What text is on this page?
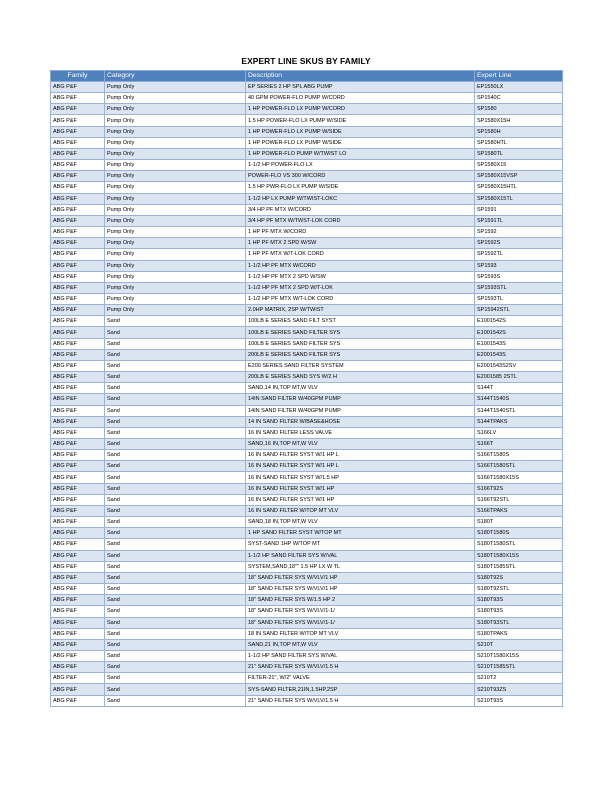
EXPERT LINE SKUS BY FAMILY
Family	Category	Description	Expert Line
ABG P&F	Pump Only	EP SERIES 2 HP SPL ABG PUMP	EP1550LX
ABG P&F	Pump Only	40 GPM POWER-FLO PUMP W/CORD	SP1540C
ABG P&F	Pump Only	1 HP POWER-FLO LX PUMP W/CORD	SP1580
ABG P&F	Pump Only	1.5 HP POWER-FLO LX PUMP W/SIDE	SP1580X15H
ABG P&F	Pump Only	1 HP POWER-FLO LX PUMP W/SIDE	SP1580H
ABG P&F	Pump Only	1 HP POWER-FLO LX PUMP W/SIDE	SP1580HTL
ABG P&F	Pump Only	1 HP POWER-FLO PUMP W/TWIST LO	SP1580TL
ABG P&F	Pump Only	1-1/2 HP POWER-FLO LX	SP1580X15
ABG P&F	Pump Only	POWER-FLO VS 300 W/CORD	SP1580X15VSP
ABG P&F	Pump Only	1.5 HP PWR-FLO LX PUMP W/SIDE	SP1580X15HTL
ABG P&F	Pump Only	1-1/2 HP LX PUMP W/TWIST-LOKC	SP1580X15TL
ABG P&F	Pump Only	3/4 HP PF MTX W/CORD	SP1591
ABG P&F	Pump Only	3/4 HP PF MTX W/TWST-LOK CORD	SP1591TL
ABG P&F	Pump Only	1 HP PF MTX W/CORD	SP1592
ABG P&F	Pump Only	1 HP PF MTX 2 SPD W/SW	SP1592S
ABG P&F	Pump Only	1 HP PF MTX W/T-LOK CORD	SP1592TL
ABG P&F	Pump Only	1-1/2 HP PF MTX W/CORD	SP1593
ABG P&F	Pump Only	1-1/2 HP PF MTX 2 SPD W/SW	SP1593S
ABG P&F	Pump Only	1-1/2 HP PF MTX 2 SPD W/T-LOK	SP1593STL
ABG P&F	Pump Only	1-1/2 HP PF MTX W/T-LOK CORD	SP1593TL
ABG P&F	Pump Only	2.0HP MATRIX, 2SP W/TWIST	SP15942STL
ABG P&F	Sand	100LB E SERIES SAND FILT SYST	E1001542S
ABG P&F	Sand	100LB E SERIES SAND FILTER SYS	E1001542S
ABG P&F	Sand	100LB E SERIES SAND FILTER SYS	E1001543S
ABG P&F	Sand	200LB E SERIES SAND FILTER SYS	E2001543S
ABG P&F	Sand	E200 SERIES SAND FILTER SYSTEM	E2001543S2SV
ABG P&F	Sand	200LB E SERIES SAND SYS W/2 H	E2001585 2STL
ABG P&F	Sand	SAND,14 IN,TOP MT,W VLV	S144T
ABG P&F	Sand	14IN SAND FILTER W/40GPM PUMP	S144T1540S
ABG P&F	Sand	14IN SAND FILTER W/40GPM PUMP	S144T1540STL
ABG P&F	Sand	14 IN SAND FILTER W/BASE&HOSE	S144TPAKS
ABG P&F	Sand	16 IN SAND FILTER LESS VALVE	S166LV
ABG P&F	Sand	SAND,16 IN,TOP MT,W VLV	S166T
ABG P&F	Sand	16 IN SAND FILTER SYST W/1 HP L	S166T1580S
ABG P&F	Sand	16 IN SAND FILTER SYST W/1 HP L	S166T1580STL
ABG P&F	Sand	16 IN SAND FILTER SYST W/1.5 HP	S166T1580X15S
ABG P&F	Sand	16 IN SAND FILTER SYST W/1 HP	S166T92S
ABG P&F	Sand	16 IN SAND FILTER SYST W/1 HP	S166T92STL
ABG P&F	Sand	16 IN SAND FILTER W/TOP MT VLV	S166TPAKS
ABG P&F	Sand	SAND,18 IN,TOP MT,W VLV	S180T
ABG P&F	Sand	1 HP SAND FILTER SYST W/TOP MT	S180T1580S
ABG P&F	Sand	SYST-SAND 1HP W/TOP MT	S180T1580STL
ABG P&F	Sand	1-1/2 HP SAND FILTER SYS W/VAL	S180T1580X15S
ABG P&F	Sand	SYSTEM,SAND,18"" 1.5 HP LX W TL	S180T1585STL
ABG P&F	Sand	18" SAND FILTER SYS W/VLV/1 HP	S180T92S
ABG P&F	Sand	18" SAND FILTER SYS W/VLV/1 HP	S180T92STL
ABG P&F	Sand	18" SAND FILTER SYS W/1.5 HP 2	S180T93S
ABG P&F	Sand	18" SAND FILTER SYS W/VLV/1-1/	S180T93S
ABG P&F	Sand	18" SAND FILTER SYS W/VLV/1-1/	S180T93STL
ABG P&F	Sand	18 IN SAND FILTER W/TOP MT VLV	S180TPAKS
ABG P&F	Sand	SAND,21 IN,TOP MT,W VLV	S210T
ABG P&F	Sand	1-1/2 HP SAND FILTER SYS W/VAL	S210T1580X15S
ABG P&F	Sand	21" SAND FILTER SYS W/VLV/1.5 H	S210T1585STL
ABG P&F	Sand	FILTER-21", W/2" VALVE	S210T2
ABG P&F	Sand	SYS-SAND FILTER,21IN,1.5HP,2SP	S210T93ZS
ABG P&F	Sand	21" SAND FILTER SYS W/VLV/1.5 H	S210T93S
